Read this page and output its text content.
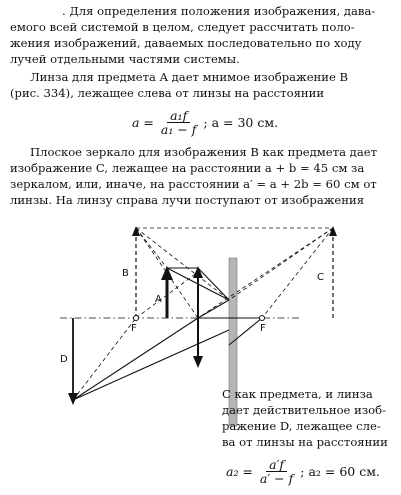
. Для определения положения изображения, дава-
емого всей системой в целом, следует рассчитать поло-
жения изображений, даваемых последовательно по ходу
лучей отдельными частями системы.
Линза для предмета A дает мнимое изображение B
(рис. 334), лежащее слева от линзы на расстоянии
$a = \frac{\text{a₁f}}{\text{a₁ − f}}$ ; a = 30 см.
Плоское зеркало для изображения B как предмета дает
изображение C, лежащее на расстоянии a + b = 45 см за
зеркалом, или, иначе, на расстоянии a′ = a + 2b = 60 см от
линзы. На линзу справа лучи поступают от изображения
B
A
C
D
F	F
C как предмета, и линза
дает действительное изоб-
ражение D, лежащее сле-
ва от линзы на расстоянии
$a_2 = \frac{a'f}{a' - f}$ ; a₂ = 60 см.
